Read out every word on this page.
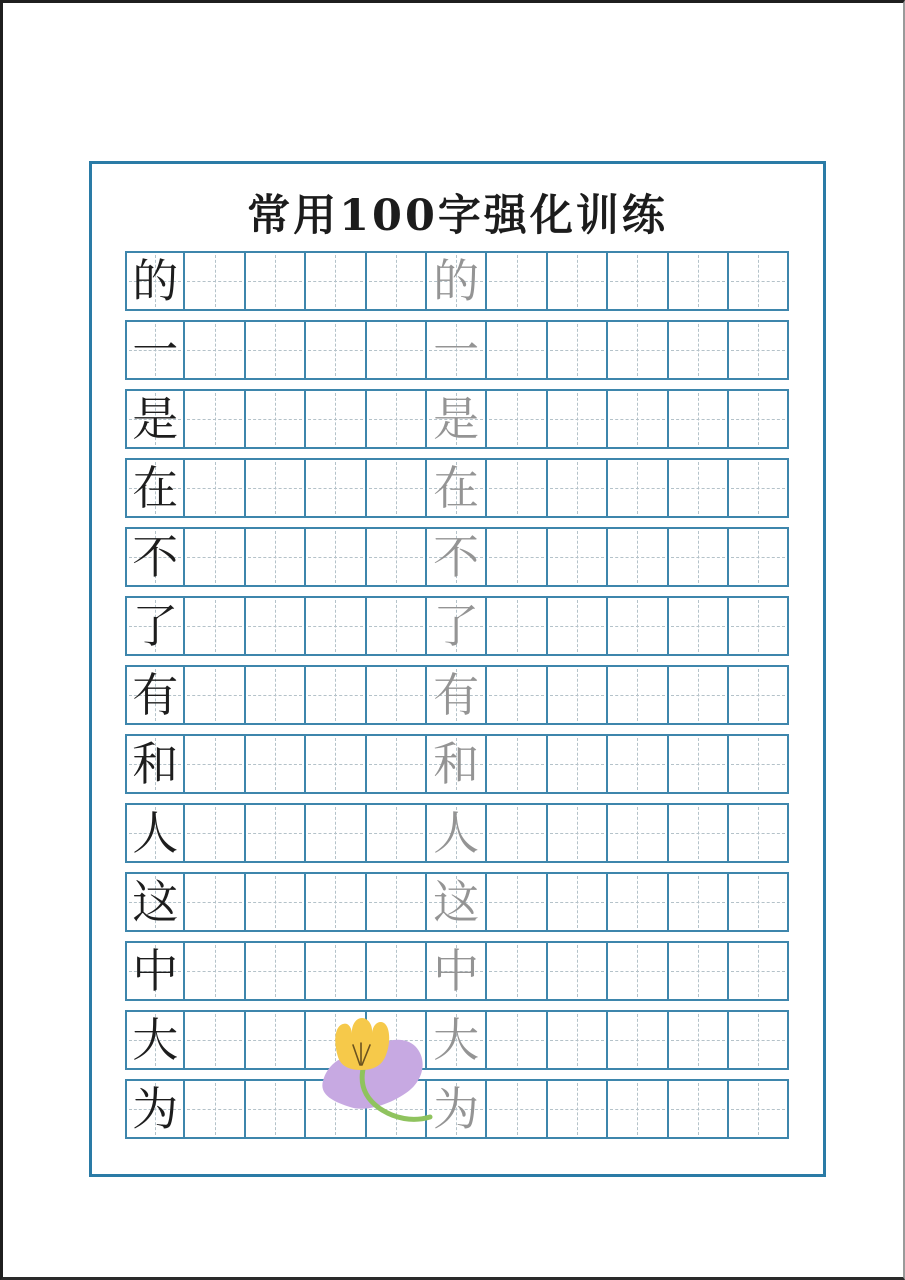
常用100字强化训练
的	的
一	一
是	是
在	在
不	不
了	了
有	有
和	和
人	人
这	这
中	中
大	大
为	为
